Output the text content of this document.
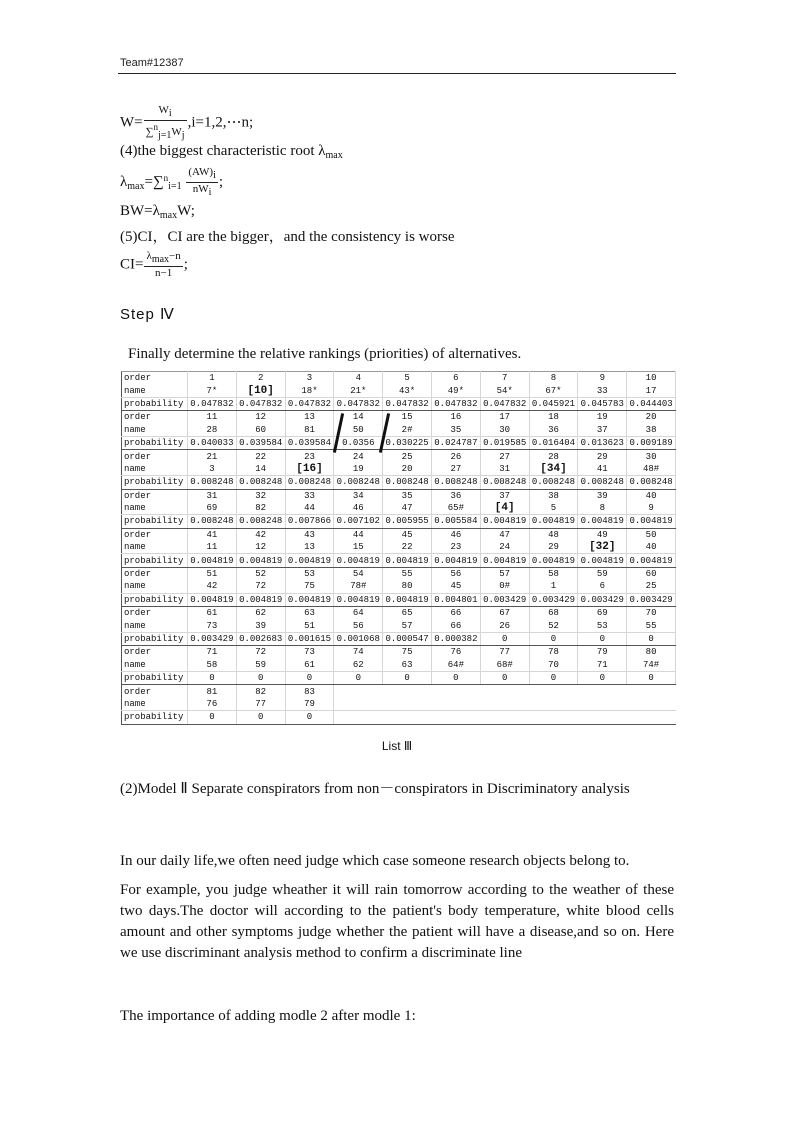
Team#12387
$W= \frac{Wi}{\sum^nj=1Wj}$ ,i=1,2,⋯n;
(4)the biggest characteristic root $\lambda_{max}$
$\lambda_{max}=\sum^n_{i=1} \frac{(AW)i}{\text{nWi}}$ ;
$BW=\lambda_{max}W$;
(5)CI，CI are the bigger，and the consistency is worse
$CI= \frac{\lambda\max-n}{n-1}$ ;
Step Ⅳ
Finally determine the relative rankings (priorities) of alternatives.
order	1	2	3	4	5	6	7	8	9	10
name	7*	[10]	18*	21*	43*	49*	54*	67*	33	17
probability	0.047832	0.047832	0.047832	0.047832	0.047832	0.047832	0.047832	0.045921	0.045783	0.044403
order	11	12	13	14	15	16	17	18	19	20
name	28	60	81	50	2#	35	30	36	37	38
probability	0.040033	0.039584	0.039584	0.0356	0.030225	0.024787	0.019585	0.016404	0.013623	0.009189
order	21	22	23	24	25	26	27	28	29	30
name	3	14	[16]	19	20	27	31	[34]	41	48#
probability	0.008248	0.008248	0.008248	0.008248	0.008248	0.008248	0.008248	0.008248	0.008248	0.008248
order	31	32	33	34	35	36	37	38	39	40
name	69	82	44	46	47	65#	[4]	5	8	9
probability	0.008248	0.008248	0.007866	0.007102	0.005955	0.005584	0.004819	0.004819	0.004819	0.004819
order	41	42	43	44	45	46	47	48	49	50
name	11	12	13	15	22	23	24	29	[32]	40
probability	0.004819	0.004819	0.004819	0.004819	0.004819	0.004819	0.004819	0.004819	0.004819	0.004819
order	51	52	53	54	55	56	57	58	59	60
name	42	72	75	78#	80	45	0#	1	6	25
probability	0.004819	0.004819	0.004819	0.004819	0.004819	0.004801	0.003429	0.003429	0.003429	0.003429
order	61	62	63	64	65	66	67	68	69	70
name	73	39	51	56	57	66	26	52	53	55
probability	0.003429	0.002683	0.001615	0.001068	0.000547	0.000382	0	0	0	0
order	71	72	73	74	75	76	77	78	79	80
name	58	59	61	62	63	64#	68#	70	71	74#
probability	0	0	0	0	0	0	0	0	0	0
order	81	82	83							
name	76	77	79							
probability	0	0	0							
List Ⅲ
(2)Model Ⅱ Separate conspirators from non－conspirators in Discriminatory analysis
In our daily life,we often need judge which case someone research objects belong to.
For example, you judge wheather it will rain tomorrow according to the weather of these two days.The doctor will according to the patient's body temperature, white blood cells amount and other symptoms judge whether the patient will have a disease,and so on. Here we use discriminant analysis method to confirm a discriminate line
The importance of adding modle 2 after modle 1:
